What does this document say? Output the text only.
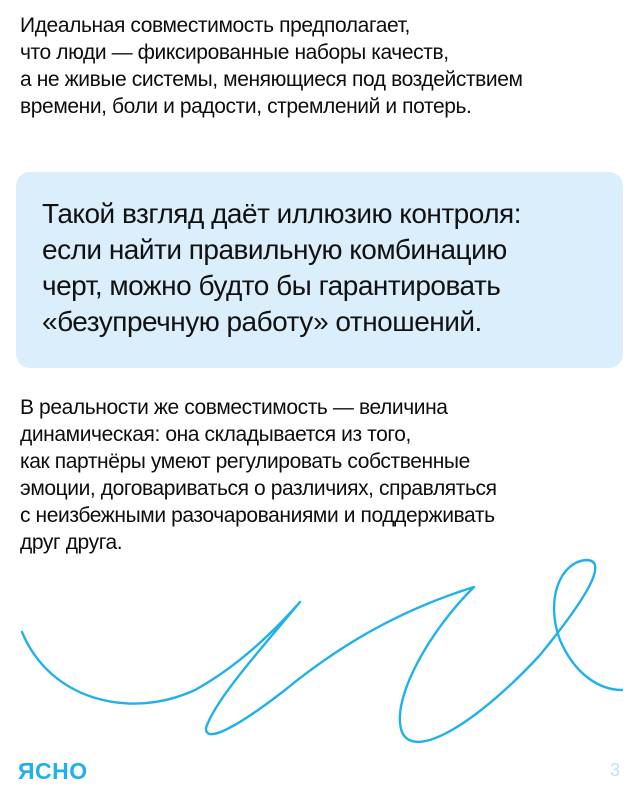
Идеальная совместимость предполагает,
что люди — фиксированные наборы качеств,
а не живые системы, меняющиеся под воздействием
времени, боли и радости, стремлений и потерь.

Такой взгляд даёт иллюзию контроля:
если найти правильную комбинацию
черт, можно будто бы гарантировать
«безупречную работу» отношений.

В реальности же совместимость — величина
динамическая: она складывается из того,
как партнёры умеют регулировать собственные
эмоции, договариваться о различиях, справляться
с неизбежными разочарованиями и поддерживать
друг друга.

ЯСНО	3
